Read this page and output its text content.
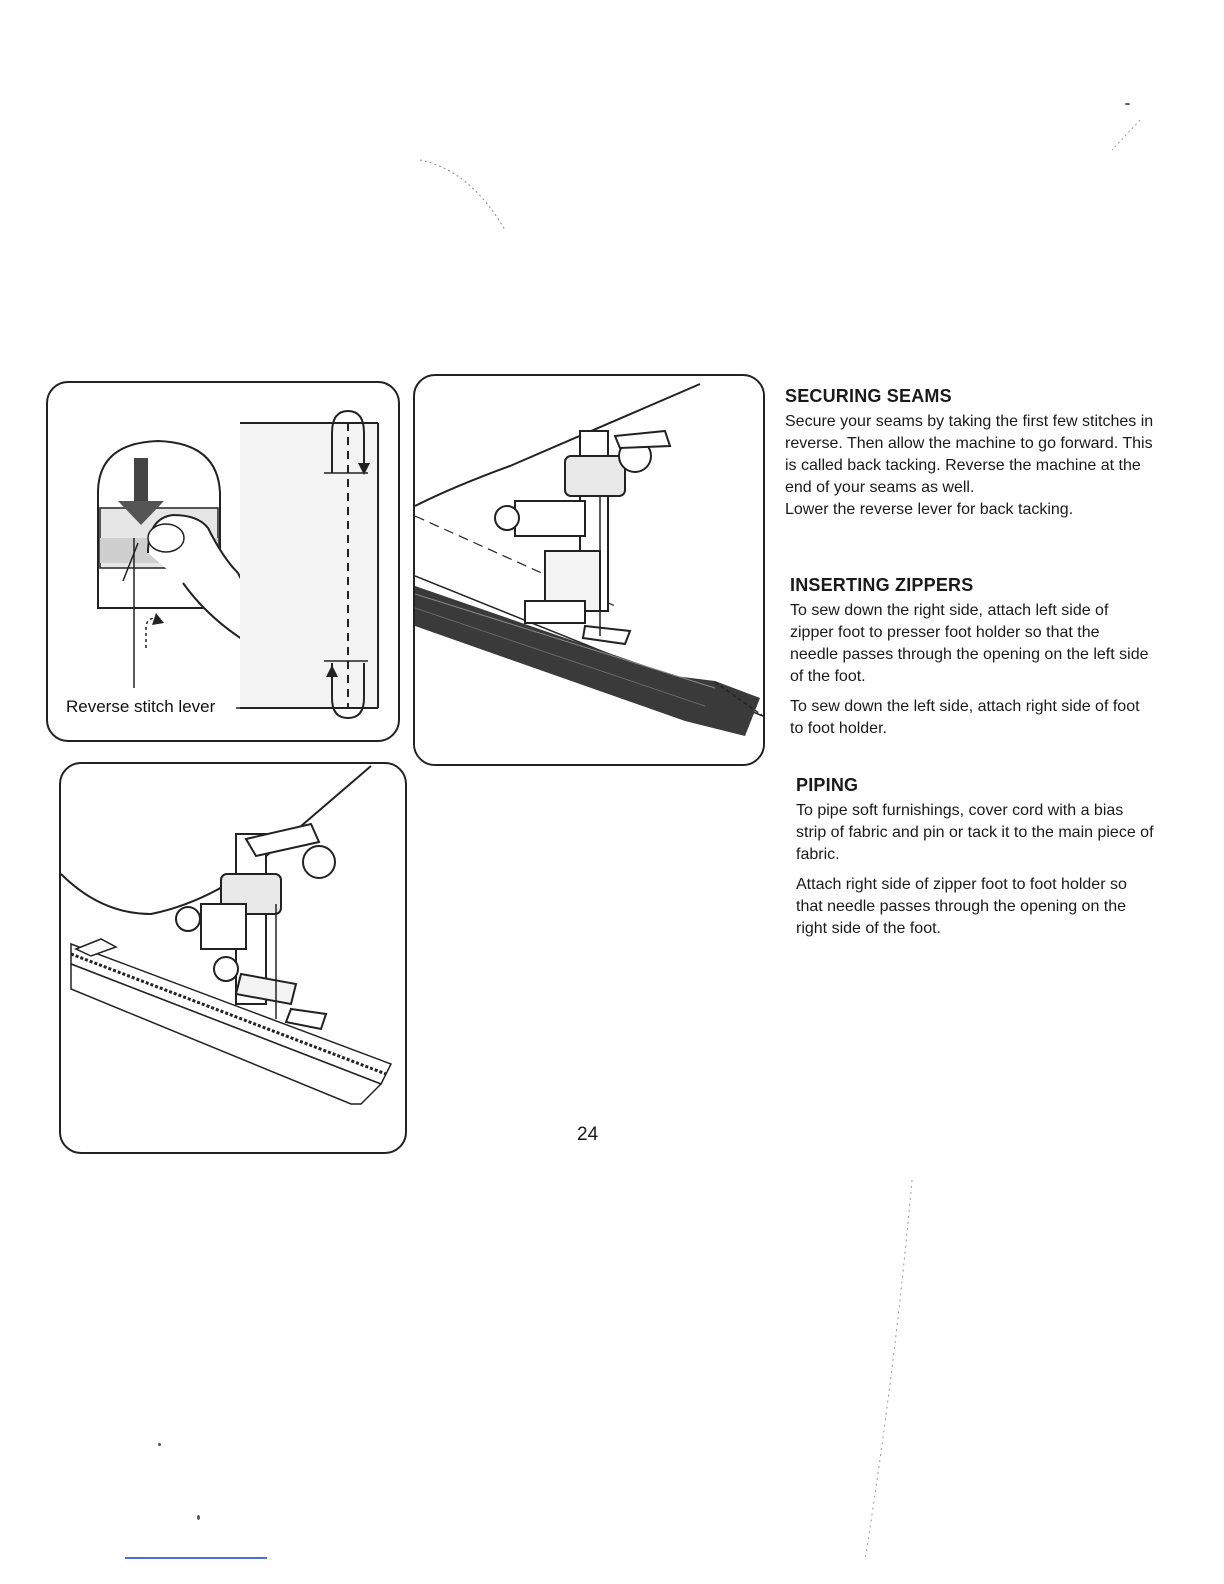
Reverse stitch lever
SECURING SEAMS

Secure your seams by taking the first few stitches in reverse. Then allow the machine to go forward. This is called back tacking. Reverse the machine at the end of your seams as well.

Lower the reverse lever for back tacking.

INSERTING ZIPPERS

To sew down the right side, attach left side of zipper foot to presser foot holder so that the needle passes through the opening on the left side of the foot.

To sew down the left side, attach right side of foot to foot holder.

PIPING

To pipe soft furnishings, cover cord with a bias strip of fabric and pin or tack it to the main piece of fabric.

Attach right side of zipper foot to foot holder so that needle passes through the opening on the right side of the foot.

24
